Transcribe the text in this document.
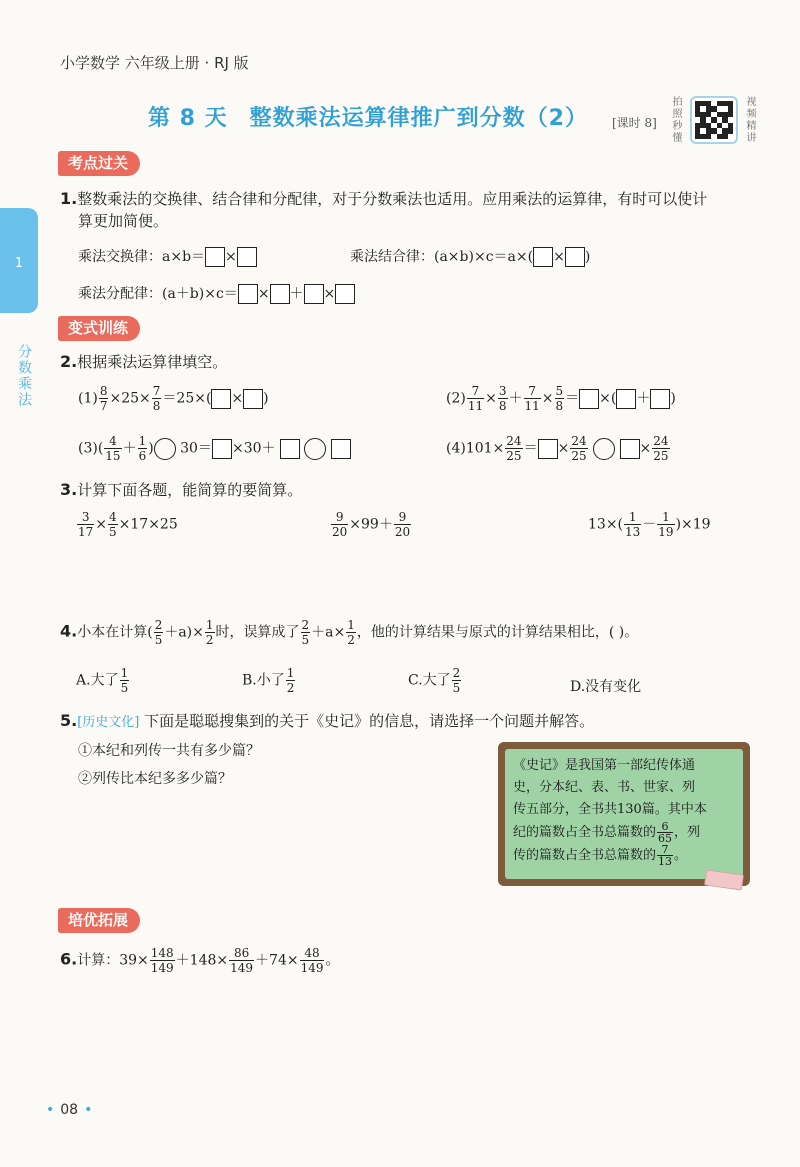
小学数学 六年级上册 · RJ 版
第 8 天 整数乘法运算律推广到分数（2） [课时 8] 拍照秒懂	视频精讲
1
分数乘法
考点过关
1.整数乘法的交换律、结合律和分配律，对于分数乘法也适用。应用乘法的运算律，有时可以使计
算更加简便。
乘法交换律：a×b＝ ×	乘法结合律：(a×b)×c＝a×( × )
乘法分配律：(a＋b)×c＝ × ＋ ×
变式训练
2.根据乘法运算律填空。
$(1) \frac{8}{7} \times 25\times \frac{7}{8} =25\times$( × )	$(2) \frac{7}{11} \times \frac{3}{8} + \frac{7}{11} \times \frac{5}{8}$ ＝ ×( ＋ )
$(3)( \frac{4}{15} + \frac{1}{6}$ ) 30＝ ×30＋	$(4)101\times \frac{24}{25}$ ＝ × $\frac{24}{25}$	× $\frac{24}{25}$
3.计算下面各题，能简算的要简算。
$\frac{3}{17} \times \frac{4}{5} \times 17\times 25$	$\frac{9}{20} \times 99+ \frac{9}{20}$	$13\times( \frac{1}{13} - \frac{1}{19} )\times 19$
4.小本在计算( $\frac{2}{5} +a)\times \frac{1}{2}$ 时，误算成了 $\frac{2}{5} +a\times \frac{1}{2}$ ，他的计算结果与原式的计算结果相比，( )。
A.大了 $\frac{1}{5}$	B.小了 $\frac{1}{2}$	C.大了 $\frac{2}{5}$	D.没有变化
5.[历史文化] 下面是聪聪搜集到的关于《史记》的信息，请选择一个问题并解答。
①本纪和列传一共有多少篇？
②列传比本纪多多少篇？
《史记》是我国第一部纪传体通
史，分本纪、表、书、世家、列
传五部分，全书共130篇。其中本
纪的篇数占全书总篇数的 $\frac{6}{65}$ ，列
传的篇数占全书总篇数的 $\frac{7}{13}$ 。
培优拓展
6.计算：$39\times \frac{148}{149} +148\times \frac{86}{149} +74\times \frac{48}{149}$ 。
• 08 •
